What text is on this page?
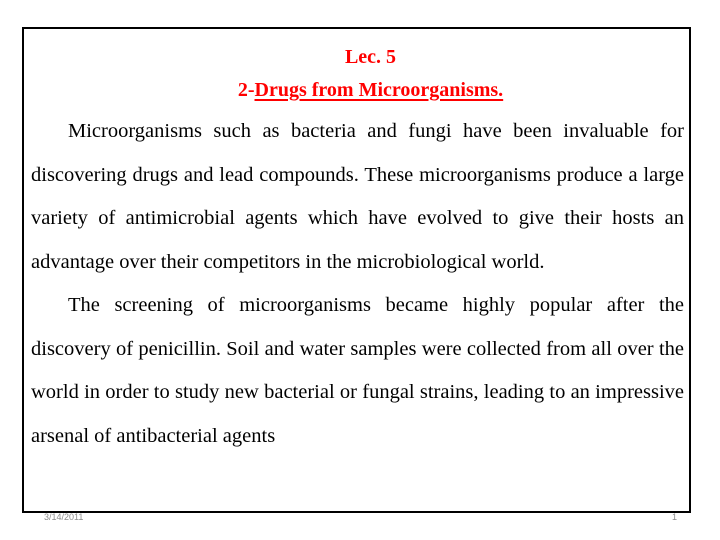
Lec. 5

2-Drugs from Microorganisms.

Microorganisms such as bacteria and fungi have been invaluable for discovering drugs and lead compounds. These microorganisms produce a large variety of antimicrobial agents which have evolved to give their hosts an advantage over their competitors in the microbiological world.

The screening of microorganisms became highly popular after the discovery of penicillin. Soil and water samples were collected from all over the world in order to study new bacterial or fungal strains, leading to an impressive arsenal of antibacterial agents

3/14/2011	1
